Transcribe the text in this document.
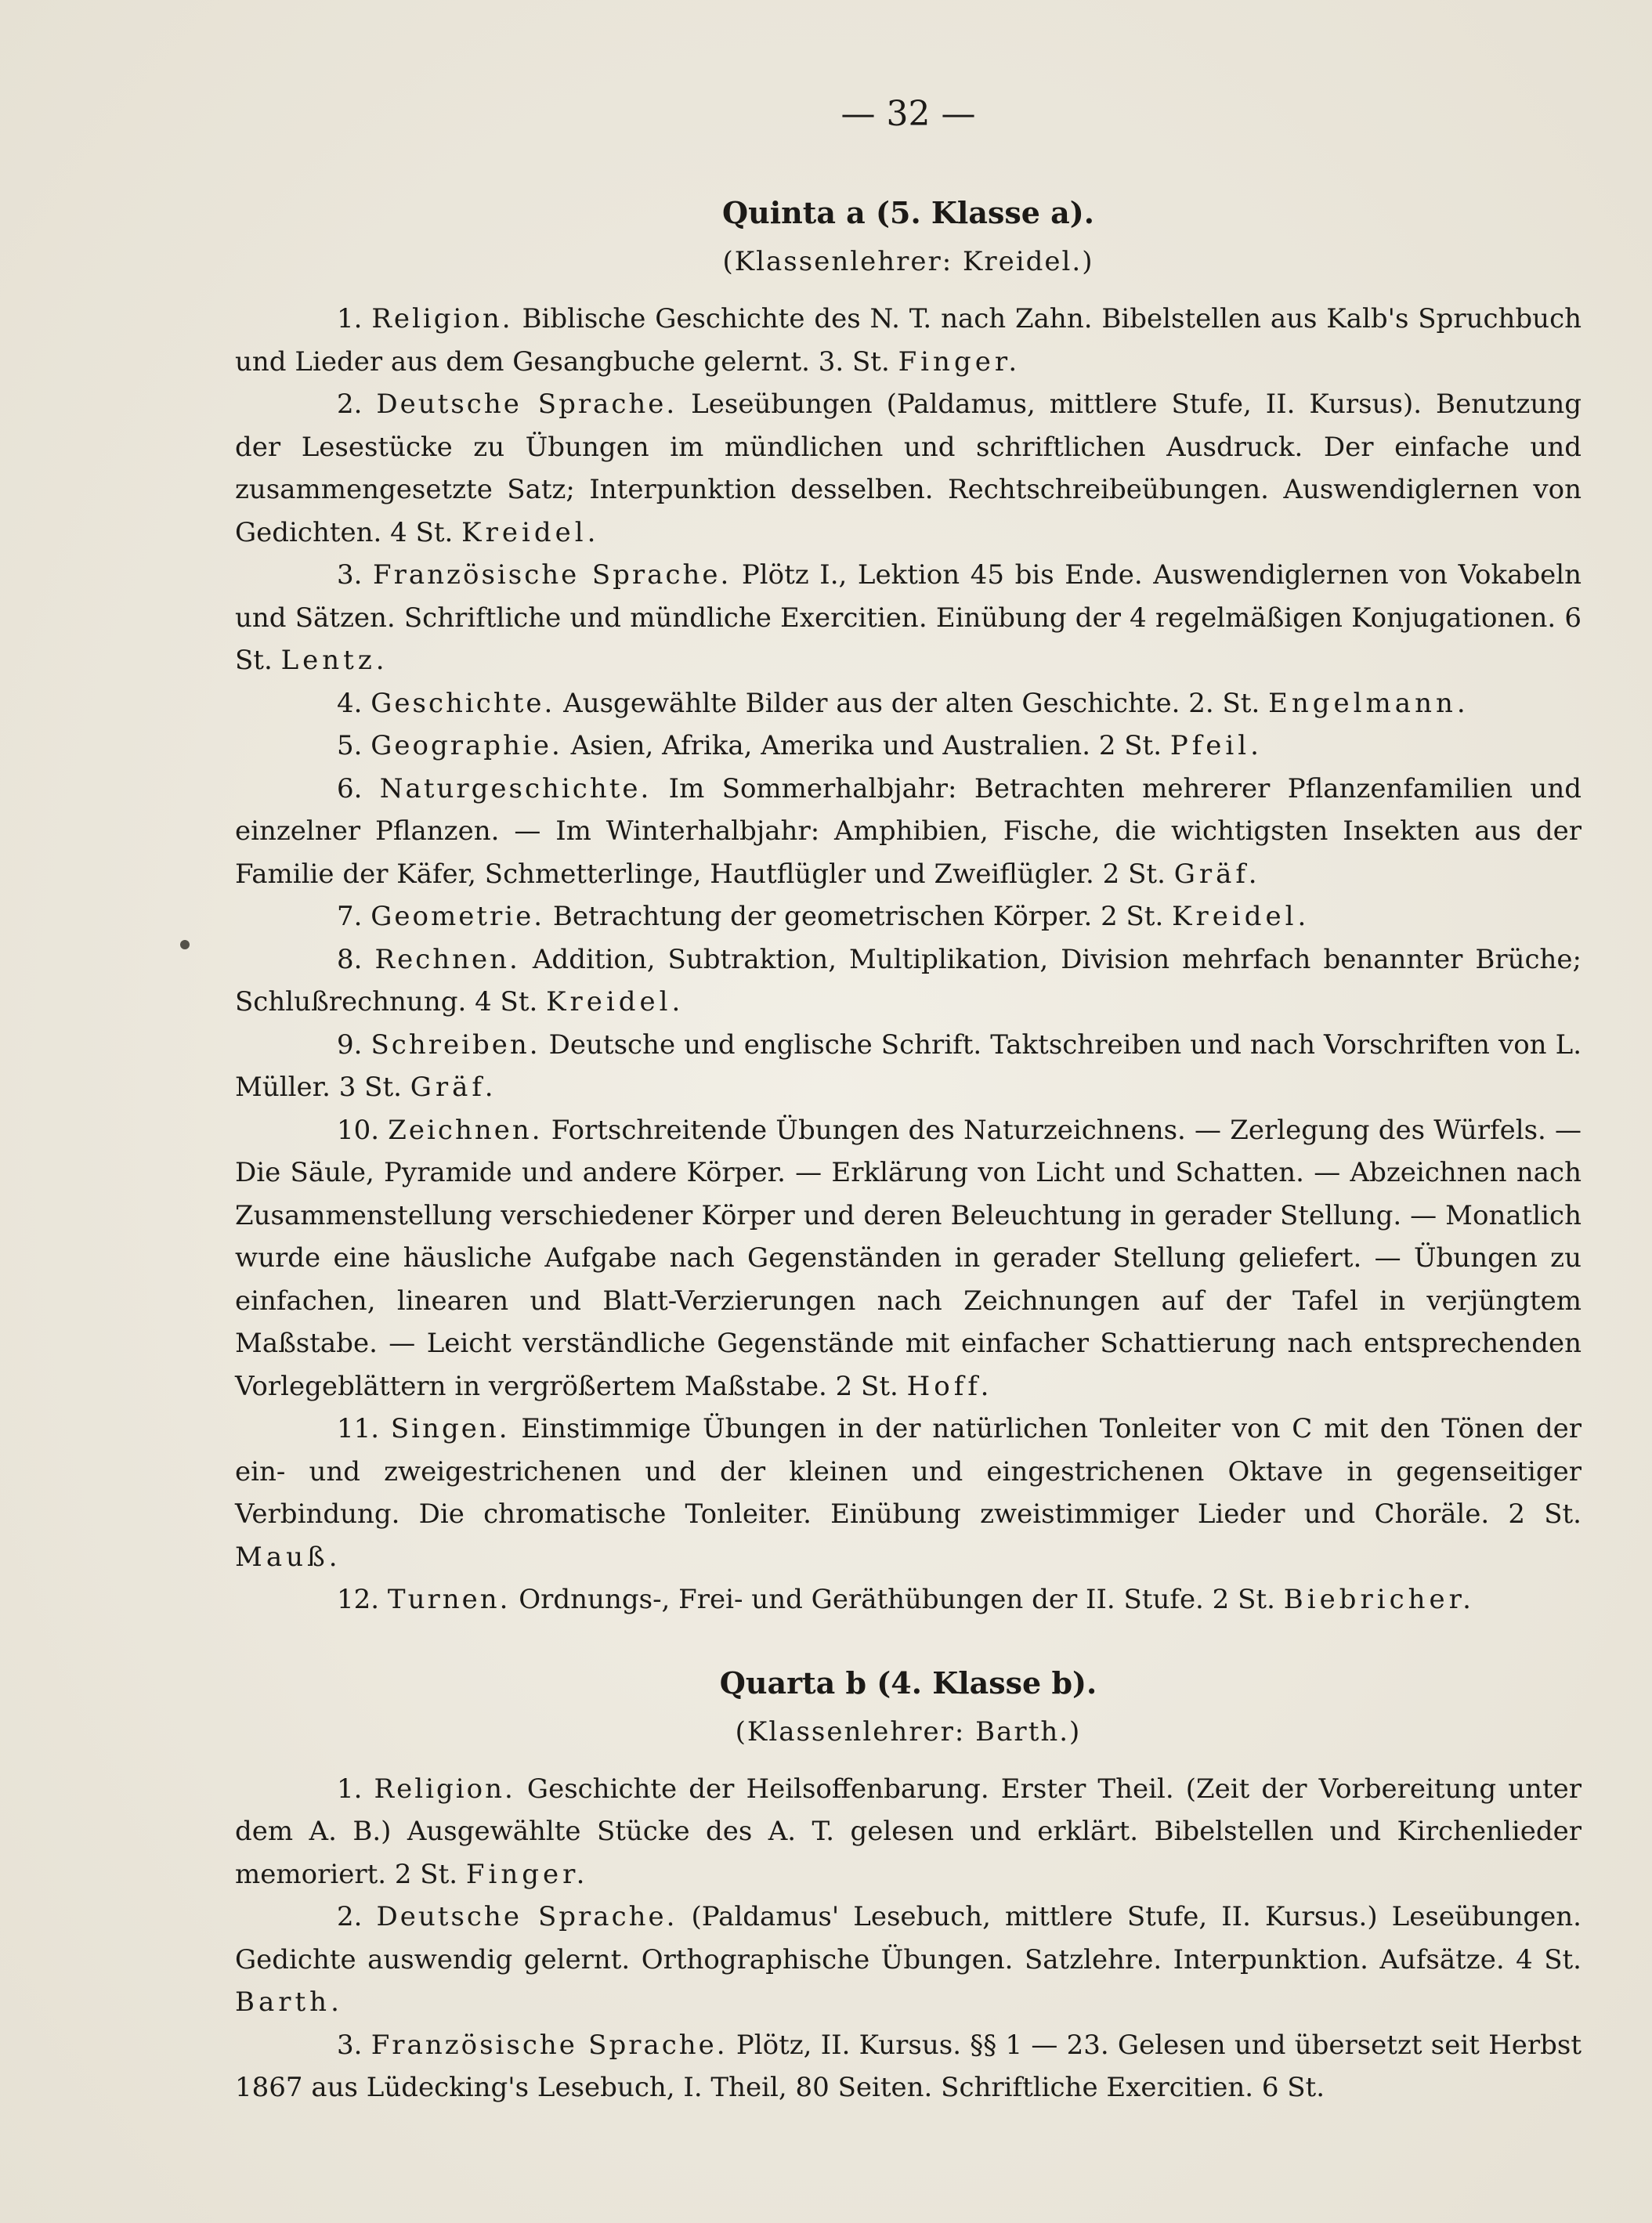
— 32 —
Quinta a (5. Klasse a).
(Klassenlehrer: Kreidel.)

1. Religion. Biblische Geschichte des N. T. nach Zahn. Bibelstellen aus Kalb's Spruchbuch und Lieder aus dem Gesangbuche gelernt. 3. St. Finger.

2. Deutsche Sprache. Leseübungen (Paldamus, mittlere Stufe, II. Kursus). Benutzung der Lesestücke zu Übungen im mündlichen und schriftlichen Ausdruck. Der einfache und zusammengesetzte Satz; Interpunktion desselben. Rechtschreibeübungen. Auswendiglernen von Gedichten. 4 St. Kreidel.

3. Französische Sprache. Plötz I., Lektion 45 bis Ende. Auswendiglernen von Vokabeln und Sätzen. Schriftliche und mündliche Exercitien. Einübung der 4 regelmäßigen Konjugationen. 6 St. Lentz.

4. Geschichte. Ausgewählte Bilder aus der alten Geschichte. 2. St. Engelmann.

5. Geographie. Asien, Afrika, Amerika und Australien. 2 St. Pfeil.

6. Naturgeschichte. Im Sommerhalbjahr: Betrachten mehrerer Pflanzenfamilien und einzelner Pflanzen. — Im Winterhalbjahr: Amphibien, Fische, die wichtigsten Insekten aus der Familie der Käfer, Schmetterlinge, Hautflügler und Zweiflügler. 2 St. Gräf.

7. Geometrie. Betrachtung der geometrischen Körper. 2 St. Kreidel.

8. Rechnen. Addition, Subtraktion, Multiplikation, Division mehrfach benannter Brüche; Schlußrechnung. 4 St. Kreidel.

9. Schreiben. Deutsche und englische Schrift. Taktschreiben und nach Vorschriften von L. Müller. 3 St. Gräf.

10. Zeichnen. Fortschreitende Übungen des Naturzeichnens. — Zerlegung des Würfels. — Die Säule, Pyramide und andere Körper. — Erklärung von Licht und Schatten. — Abzeichnen nach Zusammenstellung verschiedener Körper und deren Beleuchtung in gerader Stellung. — Monatlich wurde eine häusliche Aufgabe nach Gegenständen in gerader Stellung geliefert. — Übungen zu einfachen, linearen und Blatt-Verzierungen nach Zeichnungen auf der Tafel in verjüngtem Maßstabe. — Leicht verständliche Gegenstände mit einfacher Schattierung nach entsprechenden Vorlegeblättern in vergrößertem Maßstabe. 2 St. Hoff.

11. Singen. Einstimmige Übungen in der natürlichen Tonleiter von C mit den Tönen der ein- und zweigestrichenen und der kleinen und eingestrichenen Oktave in gegenseitiger Verbindung. Die chromatische Tonleiter. Einübung zweistimmiger Lieder und Choräle. 2 St. Mauß.

12. Turnen. Ordnungs-, Frei- und Geräthübungen der II. Stufe. 2 St. Biebricher.

Quarta b (4. Klasse b).
(Klassenlehrer: Barth.)

1. Religion. Geschichte der Heilsoffenbarung. Erster Theil. (Zeit der Vorbereitung unter dem A. B.) Ausgewählte Stücke des A. T. gelesen und erklärt. Bibelstellen und Kirchenlieder memoriert. 2 St. Finger.

2. Deutsche Sprache. (Paldamus' Lesebuch, mittlere Stufe, II. Kursus.) Leseübungen. Gedichte auswendig gelernt. Orthographische Übungen. Satzlehre. Interpunktion. Aufsätze. 4 St. Barth.

3. Französische Sprache. Plötz, II. Kursus. §§ 1 — 23. Gelesen und übersetzt seit Herbst 1867 aus Lüdecking's Lesebuch, I. Theil, 80 Seiten. Schriftliche Exercitien. 6 St.
